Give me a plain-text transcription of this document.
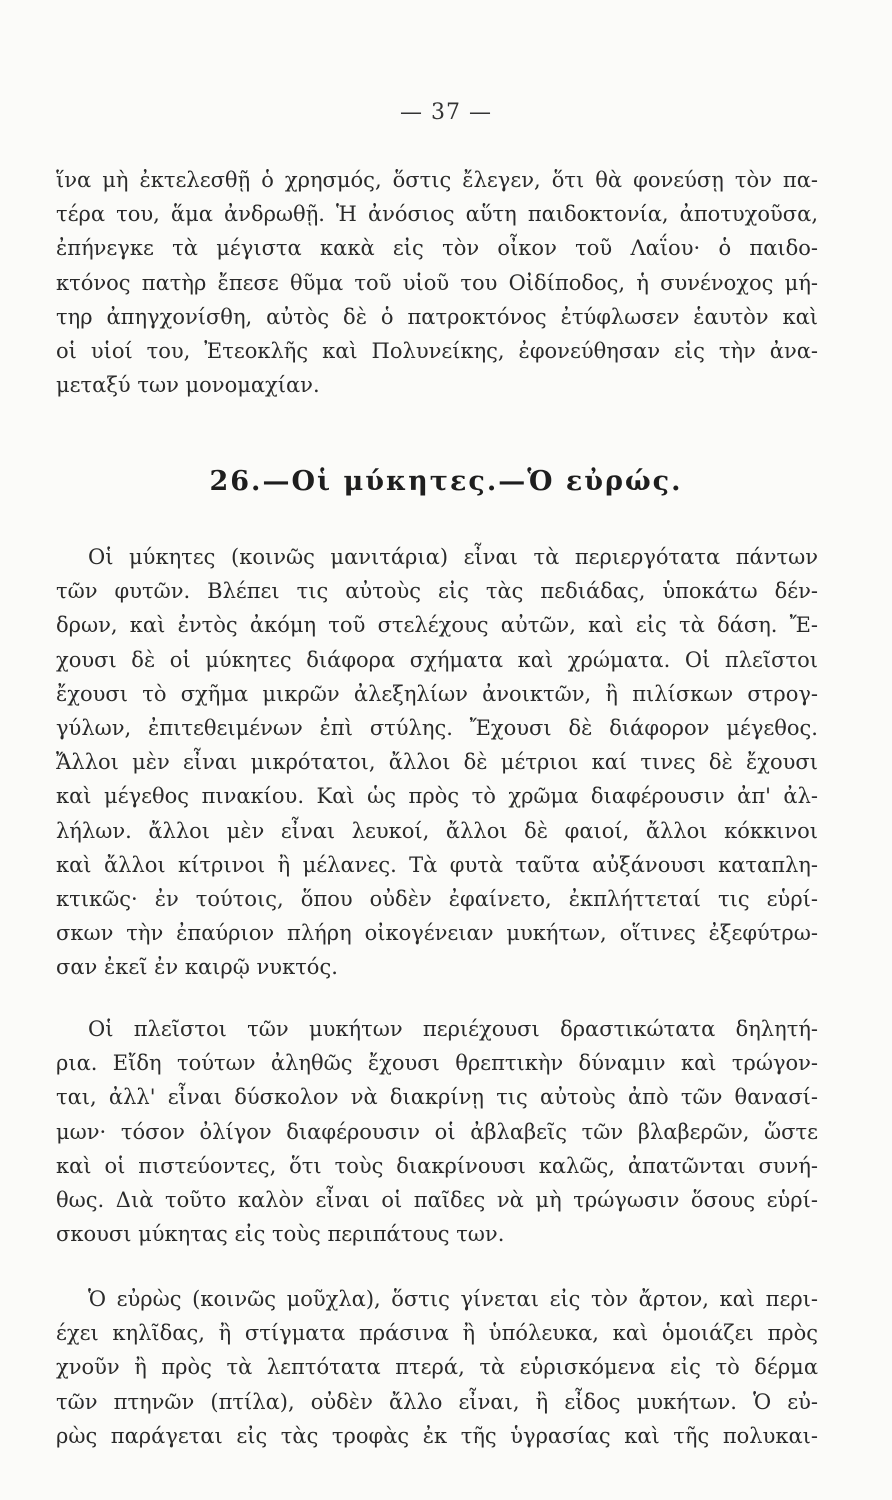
— 37 —

ἵνα μὴ ἐκτελεσθῇ ὁ χρησμός, ὅστις ἔλεγεν, ὅτι θὰ φονεύσῃ τὸν πα-

τέρα του, ἅμα ἀνδρωθῇ. Ἡ ἀνόσιος αὕτη παιδοκτονία, ἀποτυχοῦσα,

ἐπήνεγκε τὰ μέγιστα κακὰ εἰς τὸν οἶκον τοῦ Λαΐου· ὁ παιδο-

κτόνος πατὴρ ἔπεσε θῦμα τοῦ υἱοῦ του Οἰδίποδος, ἡ συνένοχος μή-

τηρ ἀπηγχονίσθη, αὐτὸς δὲ ὁ πατροκτόνος ἐτύφλωσεν ἑαυτὸν καὶ

οἱ υἱοί του, Ἐτεοκλῆς καὶ Πολυνείκης, ἐφονεύθησαν εἰς τὴν ἀνα-

μεταξύ των μονομαχίαν.

26.—Οἱ μύκητες.—Ὁ εὐρώς.

Οἱ μύκητες (κοινῶς μανιτάρια) εἶναι τὰ περιεργότατα πάντων

τῶν φυτῶν. Βλέπει τις αὐτοὺς εἰς τὰς πεδιάδας, ὑποκάτω δέν-

δρων, καὶ ἐντὸς ἀκόμη τοῦ στελέχους αὐτῶν, καὶ εἰς τὰ δάση. Ἔ-

χουσι δὲ οἱ μύκητες διάφορα σχήματα καὶ χρώματα. Οἱ πλεῖστοι

ἔχουσι τὸ σχῆμα μικρῶν ἀλεξηλίων ἀνοικτῶν, ἢ πιλίσκων στρογ-

γύλων, ἐπιτεθειμένων ἐπὶ στύλης. Ἔχουσι δὲ διάφορον μέγεθος.

Ἄλλοι μὲν εἶναι μικρότατοι, ἄλλοι δὲ μέτριοι καί τινες δὲ ἔχουσι

καὶ μέγεθος πινακίου. Καὶ ὡς πρὸς τὸ χρῶμα διαφέρουσιν ἀπ' ἀλ-

λήλων. ἄλλοι μὲν εἶναι λευκοί, ἄλλοι δὲ φαιοί, ἄλλοι κόκκινοι

καὶ ἄλλοι κίτρινοι ἢ μέλανες. Τὰ φυτὰ ταῦτα αὐξάνουσι καταπλη-

κτικῶς· ἐν τούτοις, ὅπου οὐδὲν ἐφαίνετο, ἐκπλήττεταί τις εὑρί-

σκων τὴν ἐπαύριον πλήρη οἰκογένειαν μυκήτων, οἵτινες ἐξεφύτρω-

σαν ἐκεῖ ἐν καιρῷ νυκτός.

Οἱ πλεῖστοι τῶν μυκήτων περιέχουσι δραστικώτατα δηλητή-

ρια. Εἴδη τούτων ἀληθῶς ἔχουσι θρεπτικὴν δύναμιν καὶ τρώγον-

ται, ἀλλ' εἶναι δύσκολον νὰ διακρίνῃ τις αὐτοὺς ἀπὸ τῶν θανασί-

μων· τόσον ὀλίγον διαφέρουσιν οἱ ἀβλαβεῖς τῶν βλαβερῶν, ὥστε

καὶ οἱ πιστεύοντες, ὅτι τοὺς διακρίνουσι καλῶς, ἀπατῶνται συνή-

θως. Διὰ τοῦτο καλὸν εἶναι οἱ παῖδες νὰ μὴ τρώγωσιν ὅσους εὑρί-

σκουσι μύκητας εἰς τοὺς περιπάτους των.

Ὁ εὐρὼς (κοινῶς μοῦχλα), ὅστις γίνεται εἰς τὸν ἄρτον, καὶ περι-

έχει κηλῖδας, ἢ στίγματα πράσινα ἢ ὑπόλευκα, καὶ ὁμοιάζει πρὸς

χνοῦν ἢ πρὸς τὰ λεπτότατα πτερά, τὰ εὑρισκόμενα εἰς τὸ δέρμα

τῶν πτηνῶν (πτίλα), οὐδὲν ἄλλο εἶναι, ἢ εἶδος μυκήτων. Ὁ εὐ-

ρὼς παράγεται εἰς τὰς τροφὰς ἐκ τῆς ὑγρασίας καὶ τῆς πολυκαι-
